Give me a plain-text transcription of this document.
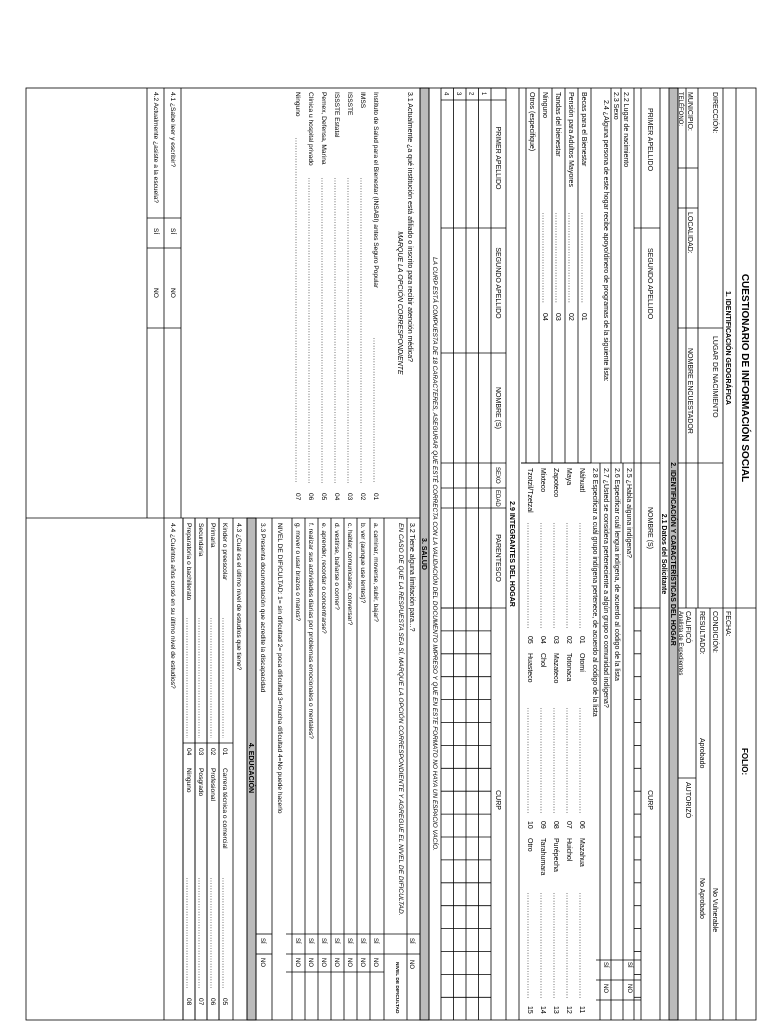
CUESTIONARIO DE INFORMACIÓN SOCIAL
FOLIO:
1. IDENTIFICACIÓN GEOGRÁFICA
DIRECCIÓN:
FECHA:
LUGAR DE NACIMIENTO
CONDICIÓN:
No Vulnerable
RESULTADO:
Aprobado
No Aprobado
MUNICIPIO:
LOCALIDAD:
NOMBRE ENCUESTADOR
CALIFICÓ
AUTORIZÓ
TELÉFONO:
Analista de Expedientes
2. IDENTIFICACIÓN Y CARACTERÍSTICAS DEL HOGAR
2.1 Datos del Solicitante
PRIMER APELLIDO
SEGUNDO APELLIDO
NOMBRE (S)
CURP
2.2 Lugar de nacimiento
2.3 Sexo
2.5 ¿Habla alguna indígena?
2.6 Especificar cuál lengua indígena, de acuerdo al código de la lista
2.7 ¿Usted se considera perteneciente a algún grupo o comunidad indígena?
2.8 Especificar a cuál grupo indígena pertenece, de acuerdo al código de la lista
SÍ
NO
SÍ
NO
2.4 ¿Alguna persona de este hogar recibe apoyo/dinero de programas de la siguiente lista:
Becas para el Bienestar
01
Pensión para Adultos Mayores
02
Tandas del bienestar
03
Ninguno
04
Otros (especifique)
Náhuatl
01
Maya
02
Zapoteco
03
Mixteco
04
Tzotzil/Tzetzal
05
Otomí
06
Totonaca
07
Mazateco
08
Chol
09
Huasteco
10
Mazahua
11
Huichol
12
Purépecha
13
Tarahumara
14
Otro
15
2.9 INTEGRANTES DEL HOGAR
PRIMER APELLIDO
SEGUNDO APELLIDO
NOMBRE (S)
SEXO
EDAD
PARENTESCO
CURP
1
2
3
4
LA CURP ESTÁ COMPUESTA DE 18 CARACTERES, ASEGURAR QUE ESTÉ CORRECTA CON LA VALIDACIÓN DEL DOCUMENTO IMPRESO Y QUE EN ESTE FORMATO NO HAYA UN ESPACIO VACÍO.
3. SALUD
3.1 Actualmente ¿a qué institución está afiliado o inscrito para recibir atención médica?
MARQUE LA OPCIÓN CORRESPONDIENTE
3.2 Tiene alguna limitación para...?
SÍ
NO
EN CASO DE QUE LA RESPUESTA SEA SÍ, MARQUE LA OPCIÓN CORRESPONDIENTE Y AGREGUE EL NIVEL DE DIFICULTAD.
NIVEL DE DIFICULTAD
Instituto de Salud para el Bienestar (INSABI) antes Seguro Popular
01
IMSS
02
ISSSTE
03
ISSSTE Estatal
04
Pemex, Defensa, Marina
05
Clínica u hospital privado
06
Ninguno
07
a. caminar, moverse, subir, bajar?
SÍ
NO
b. ver (aunque use lentes)?
SÍ
NO
c. hablar, comunicarse, conversar?
SÍ
NO
d. vestirse, bañarse o comer?
SÍ
NO
e. aprender, recordar o concentrarse?
SÍ
NO
f. realizar sus actividades diarias por problemas emocionales o mentales?
SÍ
NO
g. mover o usar brazos o manos?
SÍ
NO
NIVEL DE DIFICULTAD: 1= sin dificultad 2= poca dificultad 3=mucha dificultad 4=No puede hacerlo
3.3 Presenta documentación que acredite la discapacidad
SÍ
NO
4. EDUCACIÓN
4.3 ¿Cuál es el último nivel de estudios que tiene?
Kinder o preescolar
01
Primaria
02
Secundaria
03
Preparatoria o bachillerato
04
Carrera técnica o comercial
05
Profesional
06
Posgrado
07
Ninguno
08
4.4 ¿Cuántos años cursó en su último nivel de estudios?
4.1 ¿Sabe leer y escribir?
SÍ
NO
4.2 Actualmente ¿asiste a la escuela?
SÍ
NO
